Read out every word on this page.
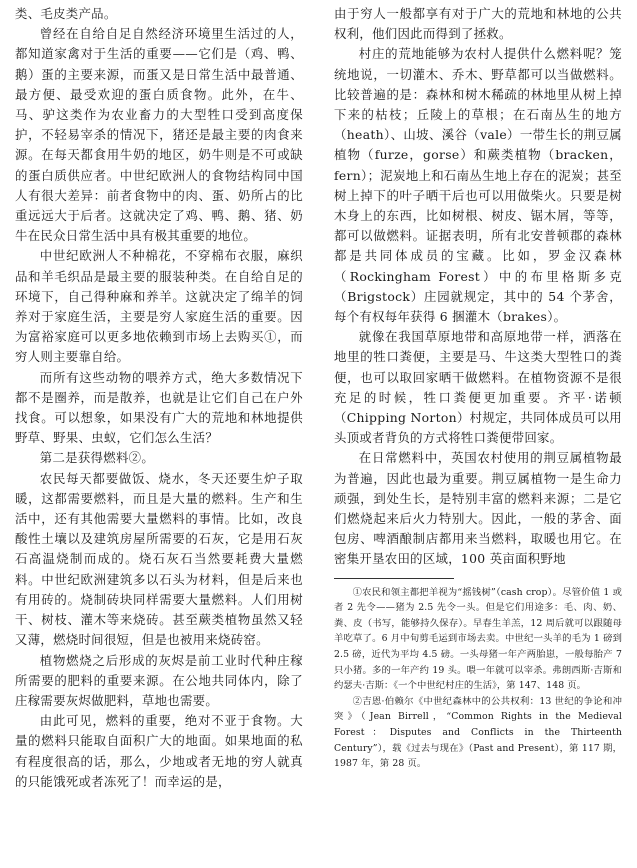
类、毛皮类产品。

曾经在自给自足自然经济环境里生活过的人，都知道家禽对于生活的重要——它们是（鸡、鸭、鹅）蛋的主要来源，而蛋又是日常生活中最普通、最方便、最受欢迎的蛋白质食物。此外，在牛、马、驴这类作为农业畜力的大型牲口受到高度保护，不轻易宰杀的情况下，猪还是最主要的肉食来源。在每天都食用牛奶的地区，奶牛则是不可或缺的蛋白质供应者。中世纪欧洲人的食物结构同中国人有很大差异：前者食物中的肉、蛋、奶所占的比重远远大于后者。这就决定了鸡、鸭、鹅、猪、奶牛在民众日常生活中具有极其重要的地位。

中世纪欧洲人不种棉花，不穿棉布衣服，麻织品和羊毛织品是最主要的服装种类。在自给自足的环境下，自己得种麻和养羊。这就决定了绵羊的饲养对于家庭生活，主要是穷人家庭生活的重要。因为富裕家庭可以更多地依赖到市场上去购买①，而穷人则主要靠自给。

而所有这些动物的喂养方式，绝大多数情况下都不是圈养，而是散养，也就是让它们自己在户外找食。可以想象，如果没有广大的荒地和林地提供野草、野果、虫蚁，它们怎么生活？

第二是获得燃料②。

农民每天都要做饭、烧水，冬天还要生炉子取暖，这都需要燃料，而且是大量的燃料。生产和生活中，还有其他需要大量燃料的事情。比如，改良酸性土壤以及建筑房屋所需要的石灰，它是用石灰石高温烧制而成的。烧石灰石当然要耗费大量燃料。中世纪欧洲建筑多以石头为材料，但是后来也有用砖的。烧制砖块同样需要大量燃料。人们用树干、树枝、灌木等来烧砖。甚至蕨类植物虽然又轻又薄，燃烧时间很短，但是也被用来烧砖窑。

植物燃烧之后形成的灰烬是前工业时代种庄稼所需要的肥料的重要来源。在公地共同体内，除了庄稼需要灰烬做肥料，草地也需要。

由此可见，燃料的重要，绝对不亚于食物。大量的燃料只能取自面积广大的地面。如果地面的私有程度很高的话，那么，少地或者无地的穷人就真的只能饿死或者冻死了！而幸运的是，

由于穷人一般都享有对于广大的荒地和林地的公共权利，他们因此而得到了拯救。

村庄的荒地能够为农村人提供什么燃料呢？笼统地说，一切灌木、乔木、野草都可以当做燃料。比较普遍的是：森林和树木稀疏的林地里从树上掉下来的枯枝；丘陵上的草根；在石南丛生的地方（heath）、山坡、溪谷（vale）一带生长的荆豆属植物（furze，gorse）和蕨类植物（bracken，fern）；泥炭地上和石南丛生地上存在的泥炭；甚至树上掉下的叶子晒干后也可以用做柴火。只要是树木身上的东西，比如树根、树皮、锯木屑，等等，都可以做燃料。证据表明，所有北安普顿郡的森林都是共同体成员的宝藏。比如，罗金汉森林（Rockingham Forest）中的布里格斯多克（Brigstock）庄园就规定，其中的 54 个茅舍，每个有权每年获得 6 捆灌木（brakes）。

就像在我国草原地带和高原地带一样，洒落在地里的牲口粪便，主要是马、牛这类大型牲口的粪便，也可以取回家晒干做燃料。在植物资源不是很充足的时候，牲口粪便更加重要。齐平·诺顿（Chipping Norton）村规定，共同体成员可以用头顶或者背负的方式将牲口粪便带回家。

在日常燃料中，英国农村使用的荆豆属植物最为普遍，因此也最为重要。荆豆属植物一是生命力顽强，到处生长，是特别丰富的燃料来源；二是它们燃烧起来后火力特别大。因此，一般的茅舍、面包房、啤酒酿制店都用来当燃料，取暖也用它。在密集开垦农田的区域，100 英亩面积野地

①农民和领主都把羊视为“摇钱树”（cash crop）。尽管价值 1 或者 2 先令——猪为 2.5 先令一头。但是它们用途多：毛、肉、奶、粪、皮（书写，能够持久保存）。早春生羊羔，12 周后就可以跟随母羊吃草了。6 月中旬剪毛运到市场去卖。中世纪一头羊的毛为 1 磅到 2.5 磅，近代为平均 4.5 磅。一头母猪一年产两胎崽，一般每胎产 7 只小猪。多的一年产约 19 头。喂一年就可以宰杀。弗朗西斯·吉斯和约瑟夫·吉斯：《一个中世纪村庄的生活》，第 147、148 页。

②吉恩·伯赖尔《中世纪森林中的公共权利：13 世纪的争论和冲突》（Jean Birrell，“Common Rights in the Medieval Forest：Disputes and Conflicts in the Thirteenth Century”），载《过去与现在》（Past and Present），第 117 期，1987 年，第 28 页。
